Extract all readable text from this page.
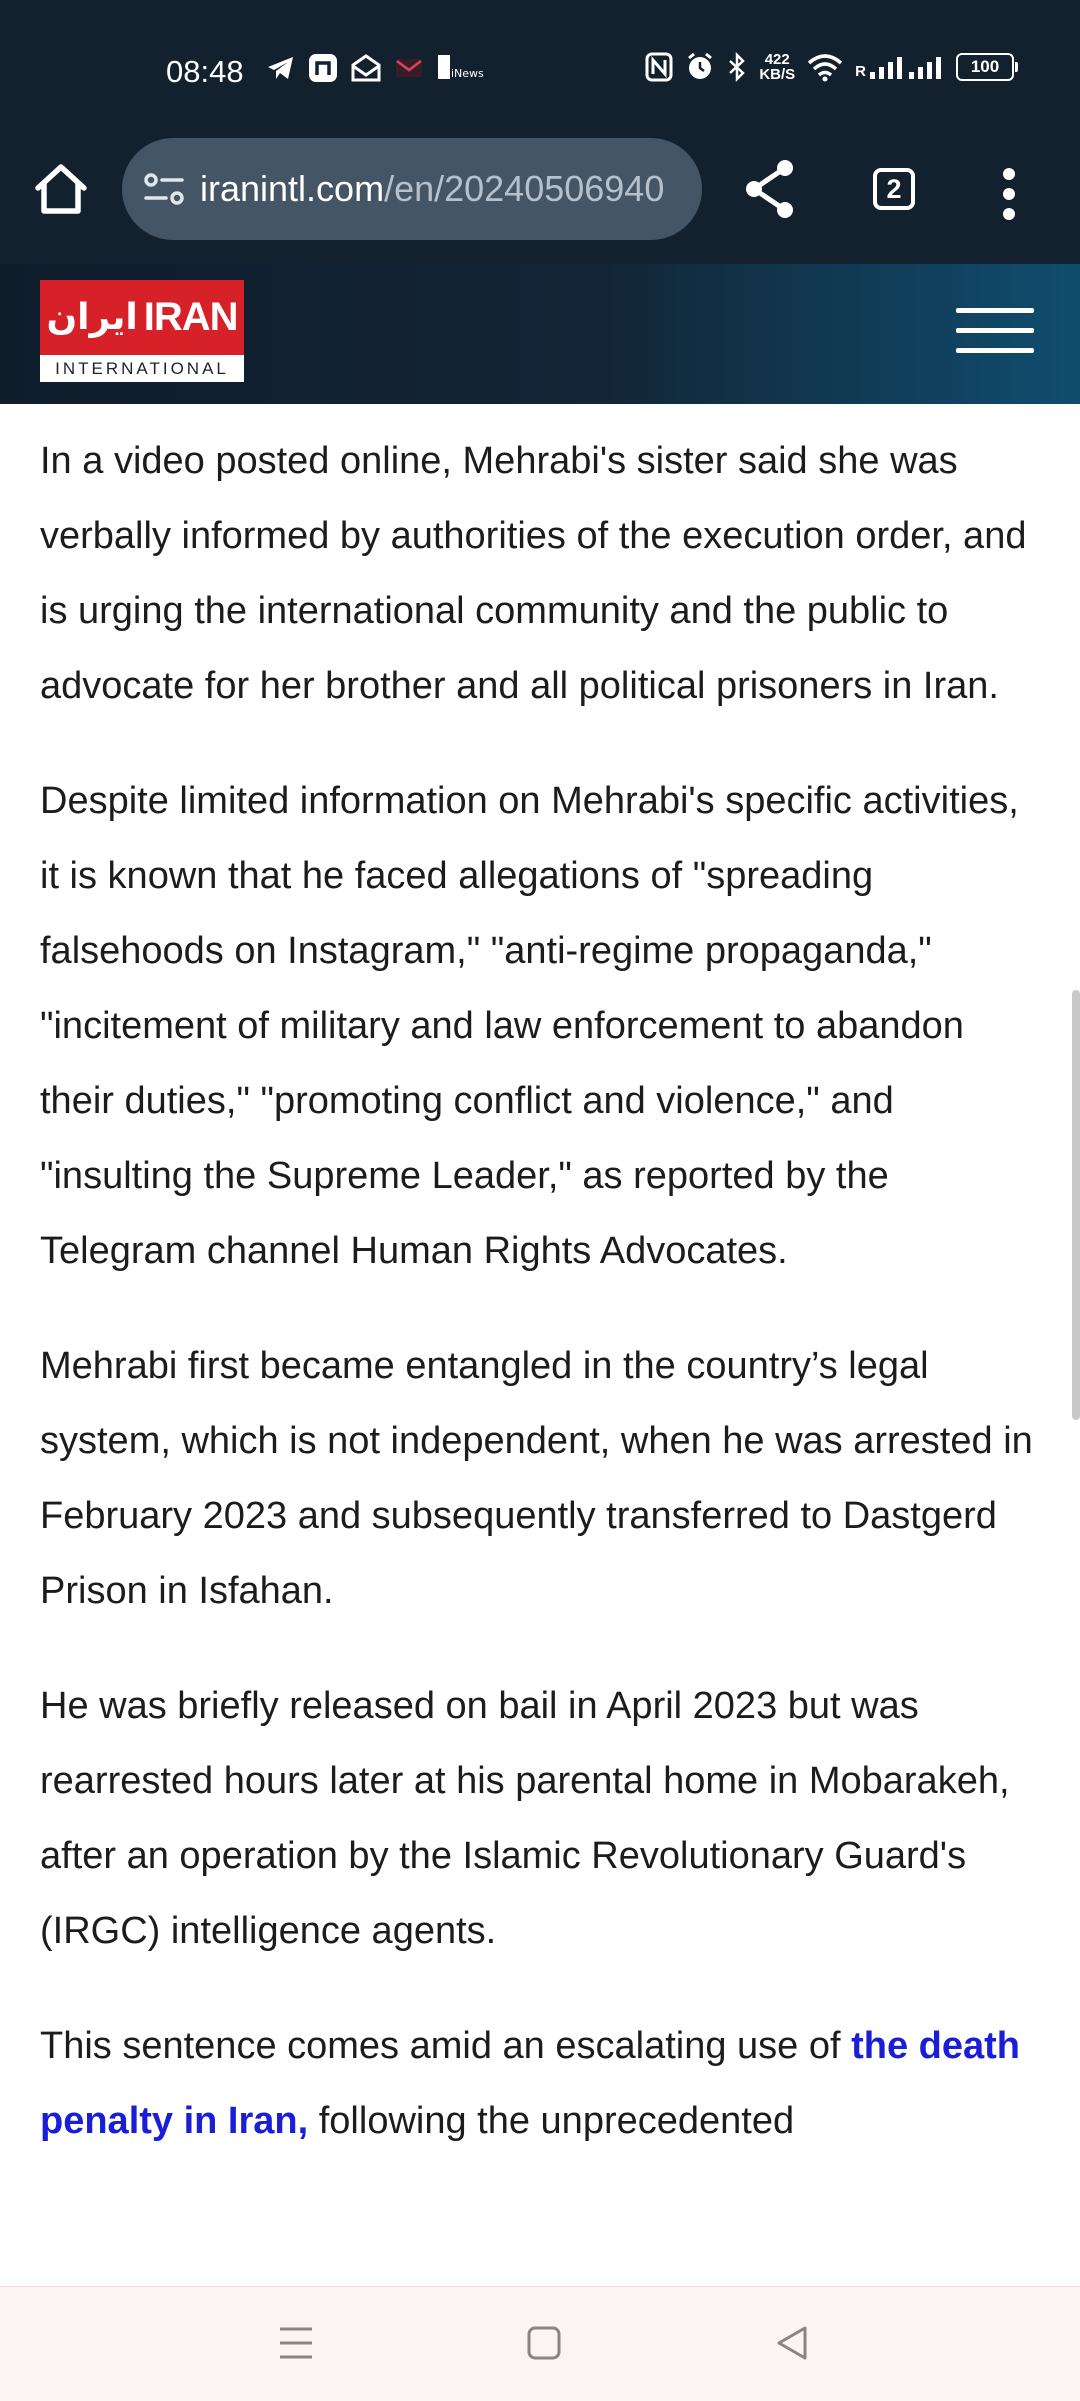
08:48	iNews
422
KB/S	R	100
iranintl.com/en/20240506940	2
ایران IRAN
INTERNATIONAL

In a video posted online, Mehrabi's sister said she was verbally informed by authorities of the execution order, and is urging the international community and the public to advocate for her brother and all political prisoners in Iran.

Despite limited information on Mehrabi's specific activities, it is known that he faced allegations of "spreading falsehoods on Instagram," "anti-regime propaganda," "incitement of military and law enforcement to abandon their duties," "promoting conflict and violence," and "insulting the Supreme Leader," as reported by the Telegram channel Human Rights Advocates.

Mehrabi first became entangled in the country’s legal system, which is not independent, when he was arrested in February 2023 and subsequently transferred to Dastgerd Prison in Isfahan.

He was briefly released on bail in April 2023 but was rearrested hours later at his parental home in Mobarakeh, after an operation by the Islamic Revolutionary Guard's (IRGC) intelligence agents.

This sentence comes amid an escalating use of the death penalty in Iran, following the unprecedented
